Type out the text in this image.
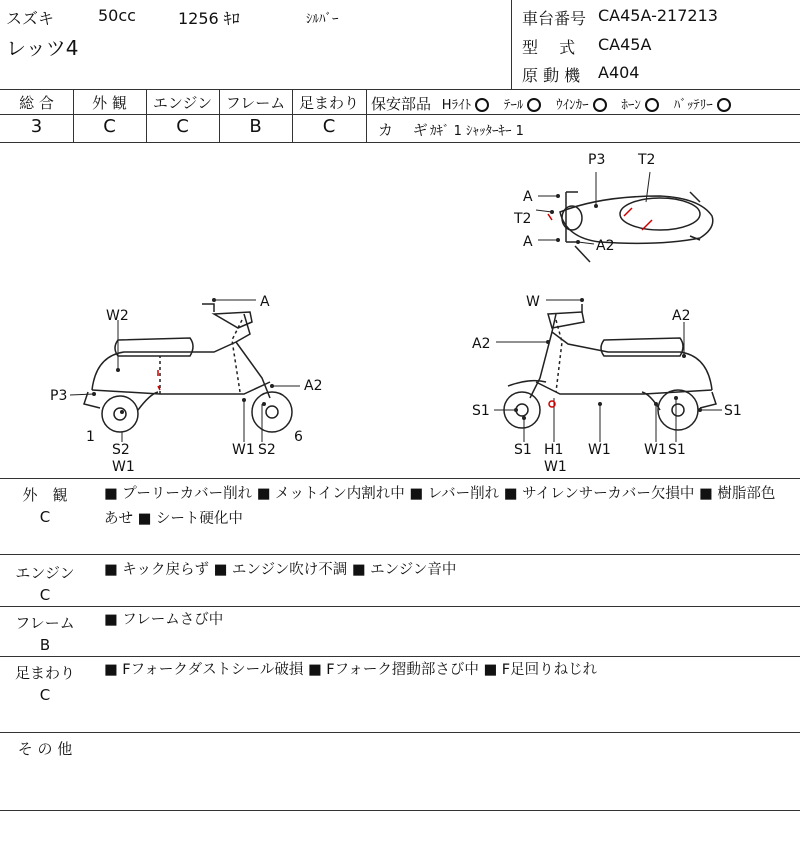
スズキ	50cc	1256 ｷﾛ	ｼﾙﾊﾞｰ
レッツ4
車台番号 CA45A-217213
型　 式 CA45A
原 動 機 A404
総 合	外 観	エンジン フレーム 足まわり
3	C	C	B	C
保安部品 Hﾗｲﾄ	ﾃｰﾙ	ｳｲﾝｶｰ	ﾎｰﾝ	ﾊﾞｯﾃﾘｰ
カ　 ギ ｶｷﾞ 1 ｼｬｯﾀｰｷｰ 1
A
T2
A
P3 T2
A2
A
W2
P3
1
A2
S2
W1
W1 S2
6
W
A2
A2
S1
S1
S1
H1
W1
W1 W1 S1
外　観
C
■ プーリーカバー削れ ■ メットイン内割れ中 ■ レバー削れ ■ サイレンサーカバー欠損中 ■ 樹脂部色
あせ ■ シート硬化中
エンジン
C
■ キック戻らず ■ エンジン吹け不調 ■ エンジン音中
フレーム
B
■ フレームさび中
足まわり
C
■ Fフォークダストシール破損 ■ Fフォーク摺動部さび中 ■ F足回りねじれ
そ の 他
